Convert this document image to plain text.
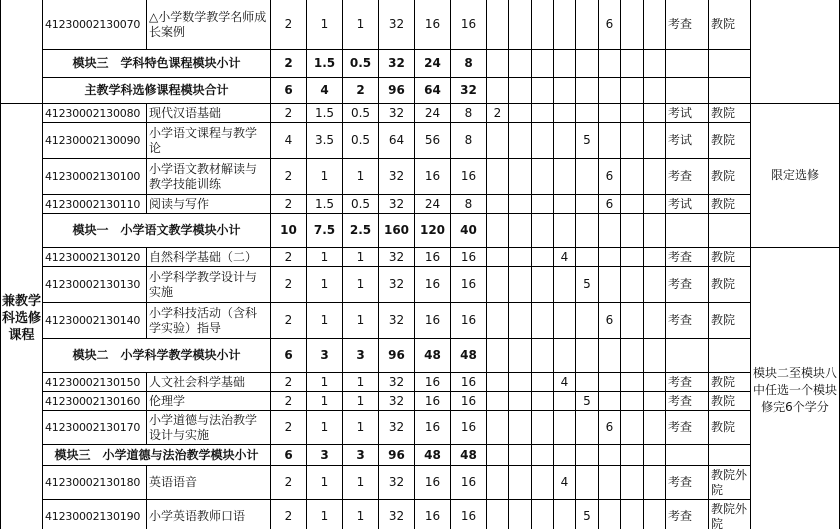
	41230002130070	△小学数学教学名师成长案例	2	1	1	32	16	16						6			考查	教院	
	模块三　学科特色课程模块小计		2	1.5	0.5	32	24	8											
	主教学科选修课程模块合计		6	4	2	96	64	32											
兼教学科选修课程	41230002130080	现代汉语基础	2	1.5	0.5	32	24	8	2								考试	教院	限定选修
	41230002130090	小学语文课程与教学论	4	3.5	0.5	64	56	8					5				考试	教院	
	41230002130100	小学语文教材解读与教学技能训练	2	1	1	32	16	16						6			考查	教院	
	41230002130110	阅读与写作	2	1.5	0.5	32	24	8						6			考试	教院	
	模块一　小学语文教学模块小计		10	7.5	2.5	160	120	40											
	41230002130120	自然科学基础（二）	2	1	1	32	16	16				4					考查	教院	模块二至模块八中任选一个模块修完6个学分
	41230002130130	小学科学教学设计与实施	2	1	1	32	16	16					5				考查	教院	
	41230002130140	小学科技活动（含科学实验）指导	2	1	1	32	16	16						6			考查	教院	
	模块二　小学科学教学模块小计		6	3	3	96	48	48											
	41230002130150	人文社会科学基础	2	1	1	32	16	16				4					考查	教院	
	41230002130160	伦理学	2	1	1	32	16	16					5				考查	教院	
	41230002130170	小学道德与法治教学设计与实施	2	1	1	32	16	16						6			考查	教院	
	模块三　小学道德与法治教学模块小计		6	3	3	96	48	48											
	41230002130180	英语语音	2	1	1	32	16	16				4					考查	教院外院	
	41230002130190	小学英语教师口语	2	1	1	32	16	16					5				考查	教院外院	
